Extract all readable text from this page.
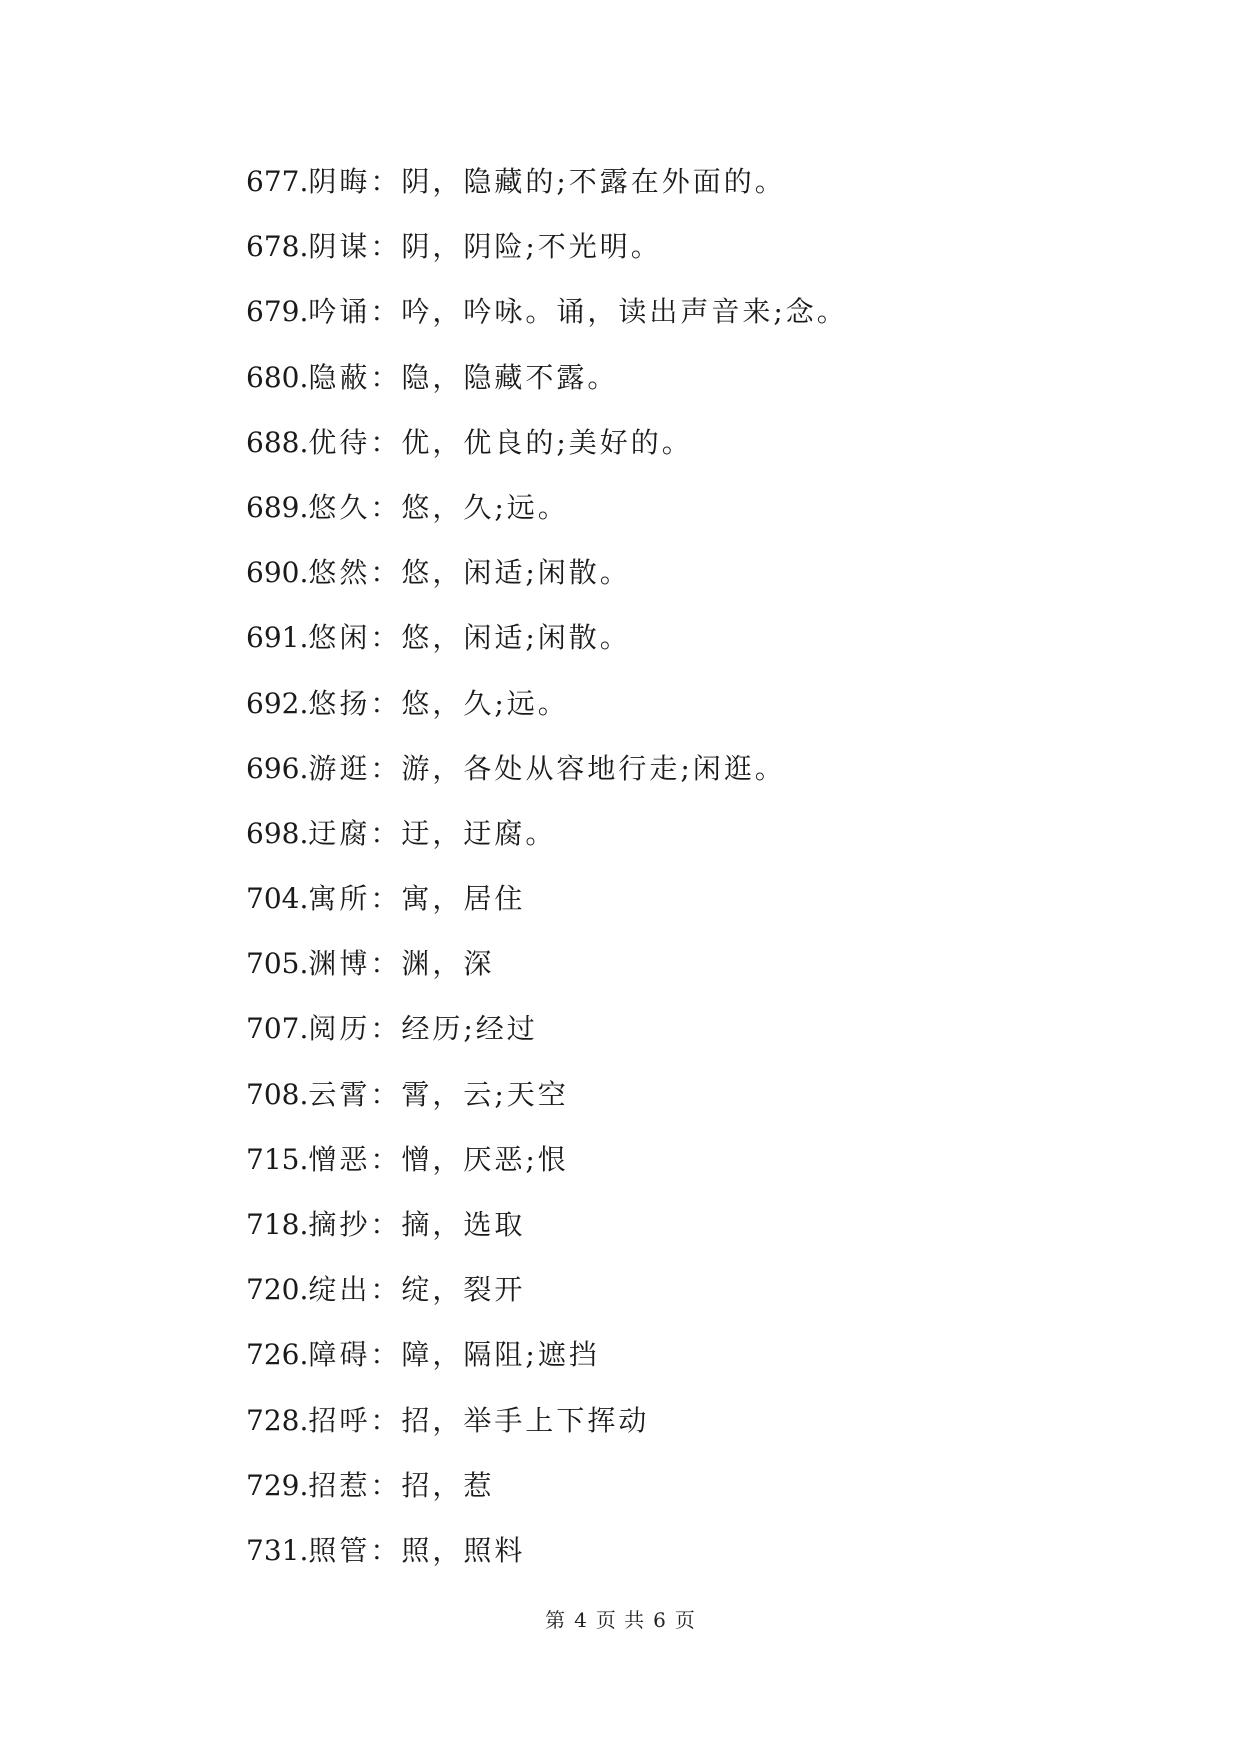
677.阴晦：阴，隐藏的;不露在外面的。
678.阴谋：阴，阴险;不光明。
679.吟诵：吟，吟咏。诵，读出声音来;念。
680.隐蔽：隐，隐藏不露。
688.优待：优，优良的;美好的。
689.悠久：悠，久;远。
690.悠然：悠，闲适;闲散。
691.悠闲：悠，闲适;闲散。
692.悠扬：悠，久;远。
696.游逛：游，各处从容地行走;闲逛。
698.迂腐：迂，迂腐。
704.寓所：寓，居住
705.渊博：渊，深
707.阅历：经历;经过
708.云霄：霄，云;天空
715.憎恶：憎，厌恶;恨
718.摘抄：摘，选取
720.绽出：绽，裂开
726.障碍：障，隔阻;遮挡
728.招呼：招，举手上下挥动
729.招惹：招，惹
731.照管：照，照料
第 4 页 共 6 页
